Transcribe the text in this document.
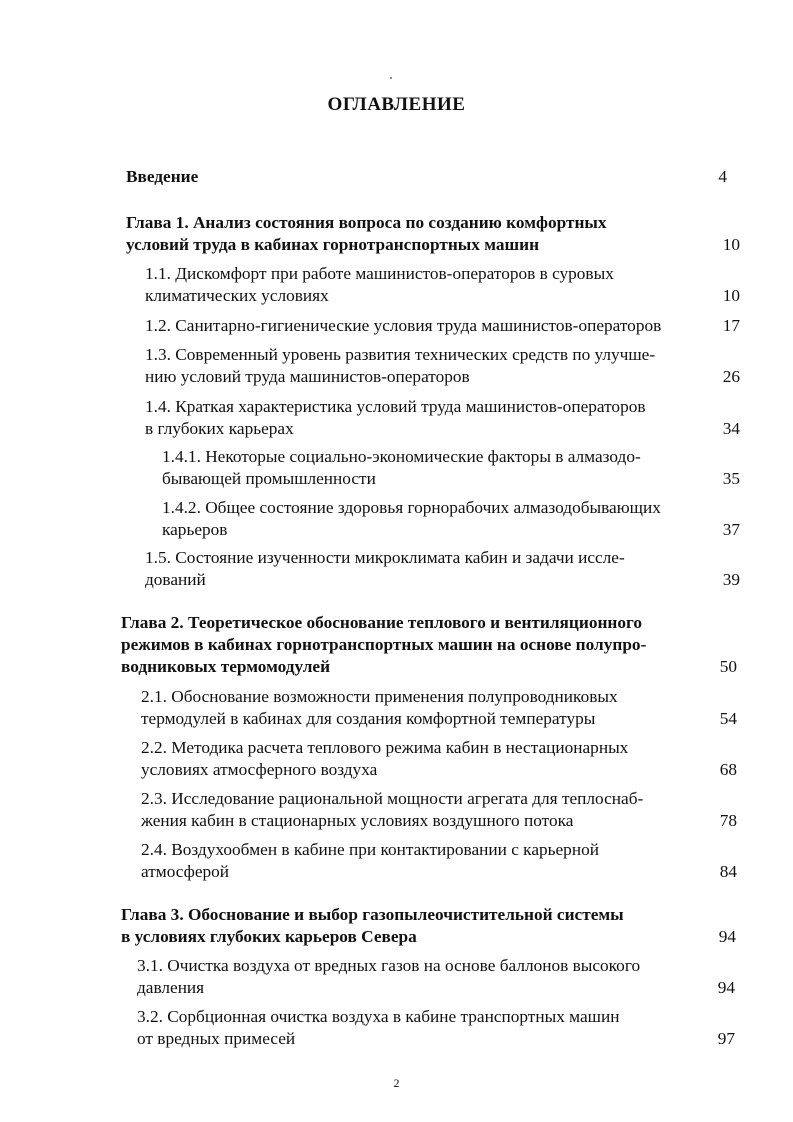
ОГЛАВЛЕНИЕ
Введение	4
Глава 1. Анализ состояния вопроса по созданию комфортных
условий труда в кабинах горнотранспортных машин	10
1.1. Дискомфорт при работе машинистов-операторов в суровых
климатических условиях	10
1.2. Санитарно-гигиенические условия труда машинистов-операторов	17
1.3. Современный уровень развития технических средств по улучше-
нию условий труда машинистов-операторов	26
1.4. Краткая характеристика условий труда машинистов-операторов
в глубоких карьерах	34
1.4.1. Некоторые социально-экономические факторы в алмазодо-
бывающей промышленности	35
1.4.2. Общее состояние здоровья горнорабочих алмазодобывающих
карьеров	37
1.5. Состояние изученности микроклимата кабин и задачи иссле-
дований	39
Глава 2. Теоретическое обоснование теплового и вентиляционного
режимов в кабинах горнотранспортных машин на основе полупро-
водниковых термомодулей	50
2.1. Обоснование возможности применения полупроводниковых
термодулей в кабинах для создания комфортной температуры	54
2.2. Методика расчета теплового режима кабин в нестационарных
условиях атмосферного воздуха	68
2.3. Исследование рациональной мощности агрегата для теплоснаб-
жения кабин в стационарных условиях воздушного потока	78
2.4. Воздухообмен в кабине при контактировании с карьерной
атмосферой	84
Глава 3. Обоснование и выбор газопылеочистительной системы
в условиях глубоких карьеров Севера	94
3.1. Очистка воздуха от вредных газов на основе баллонов высокого
давления	94
3.2. Сорбционная очистка воздуха в кабине транспортных машин
от вредных примесей	97
2
